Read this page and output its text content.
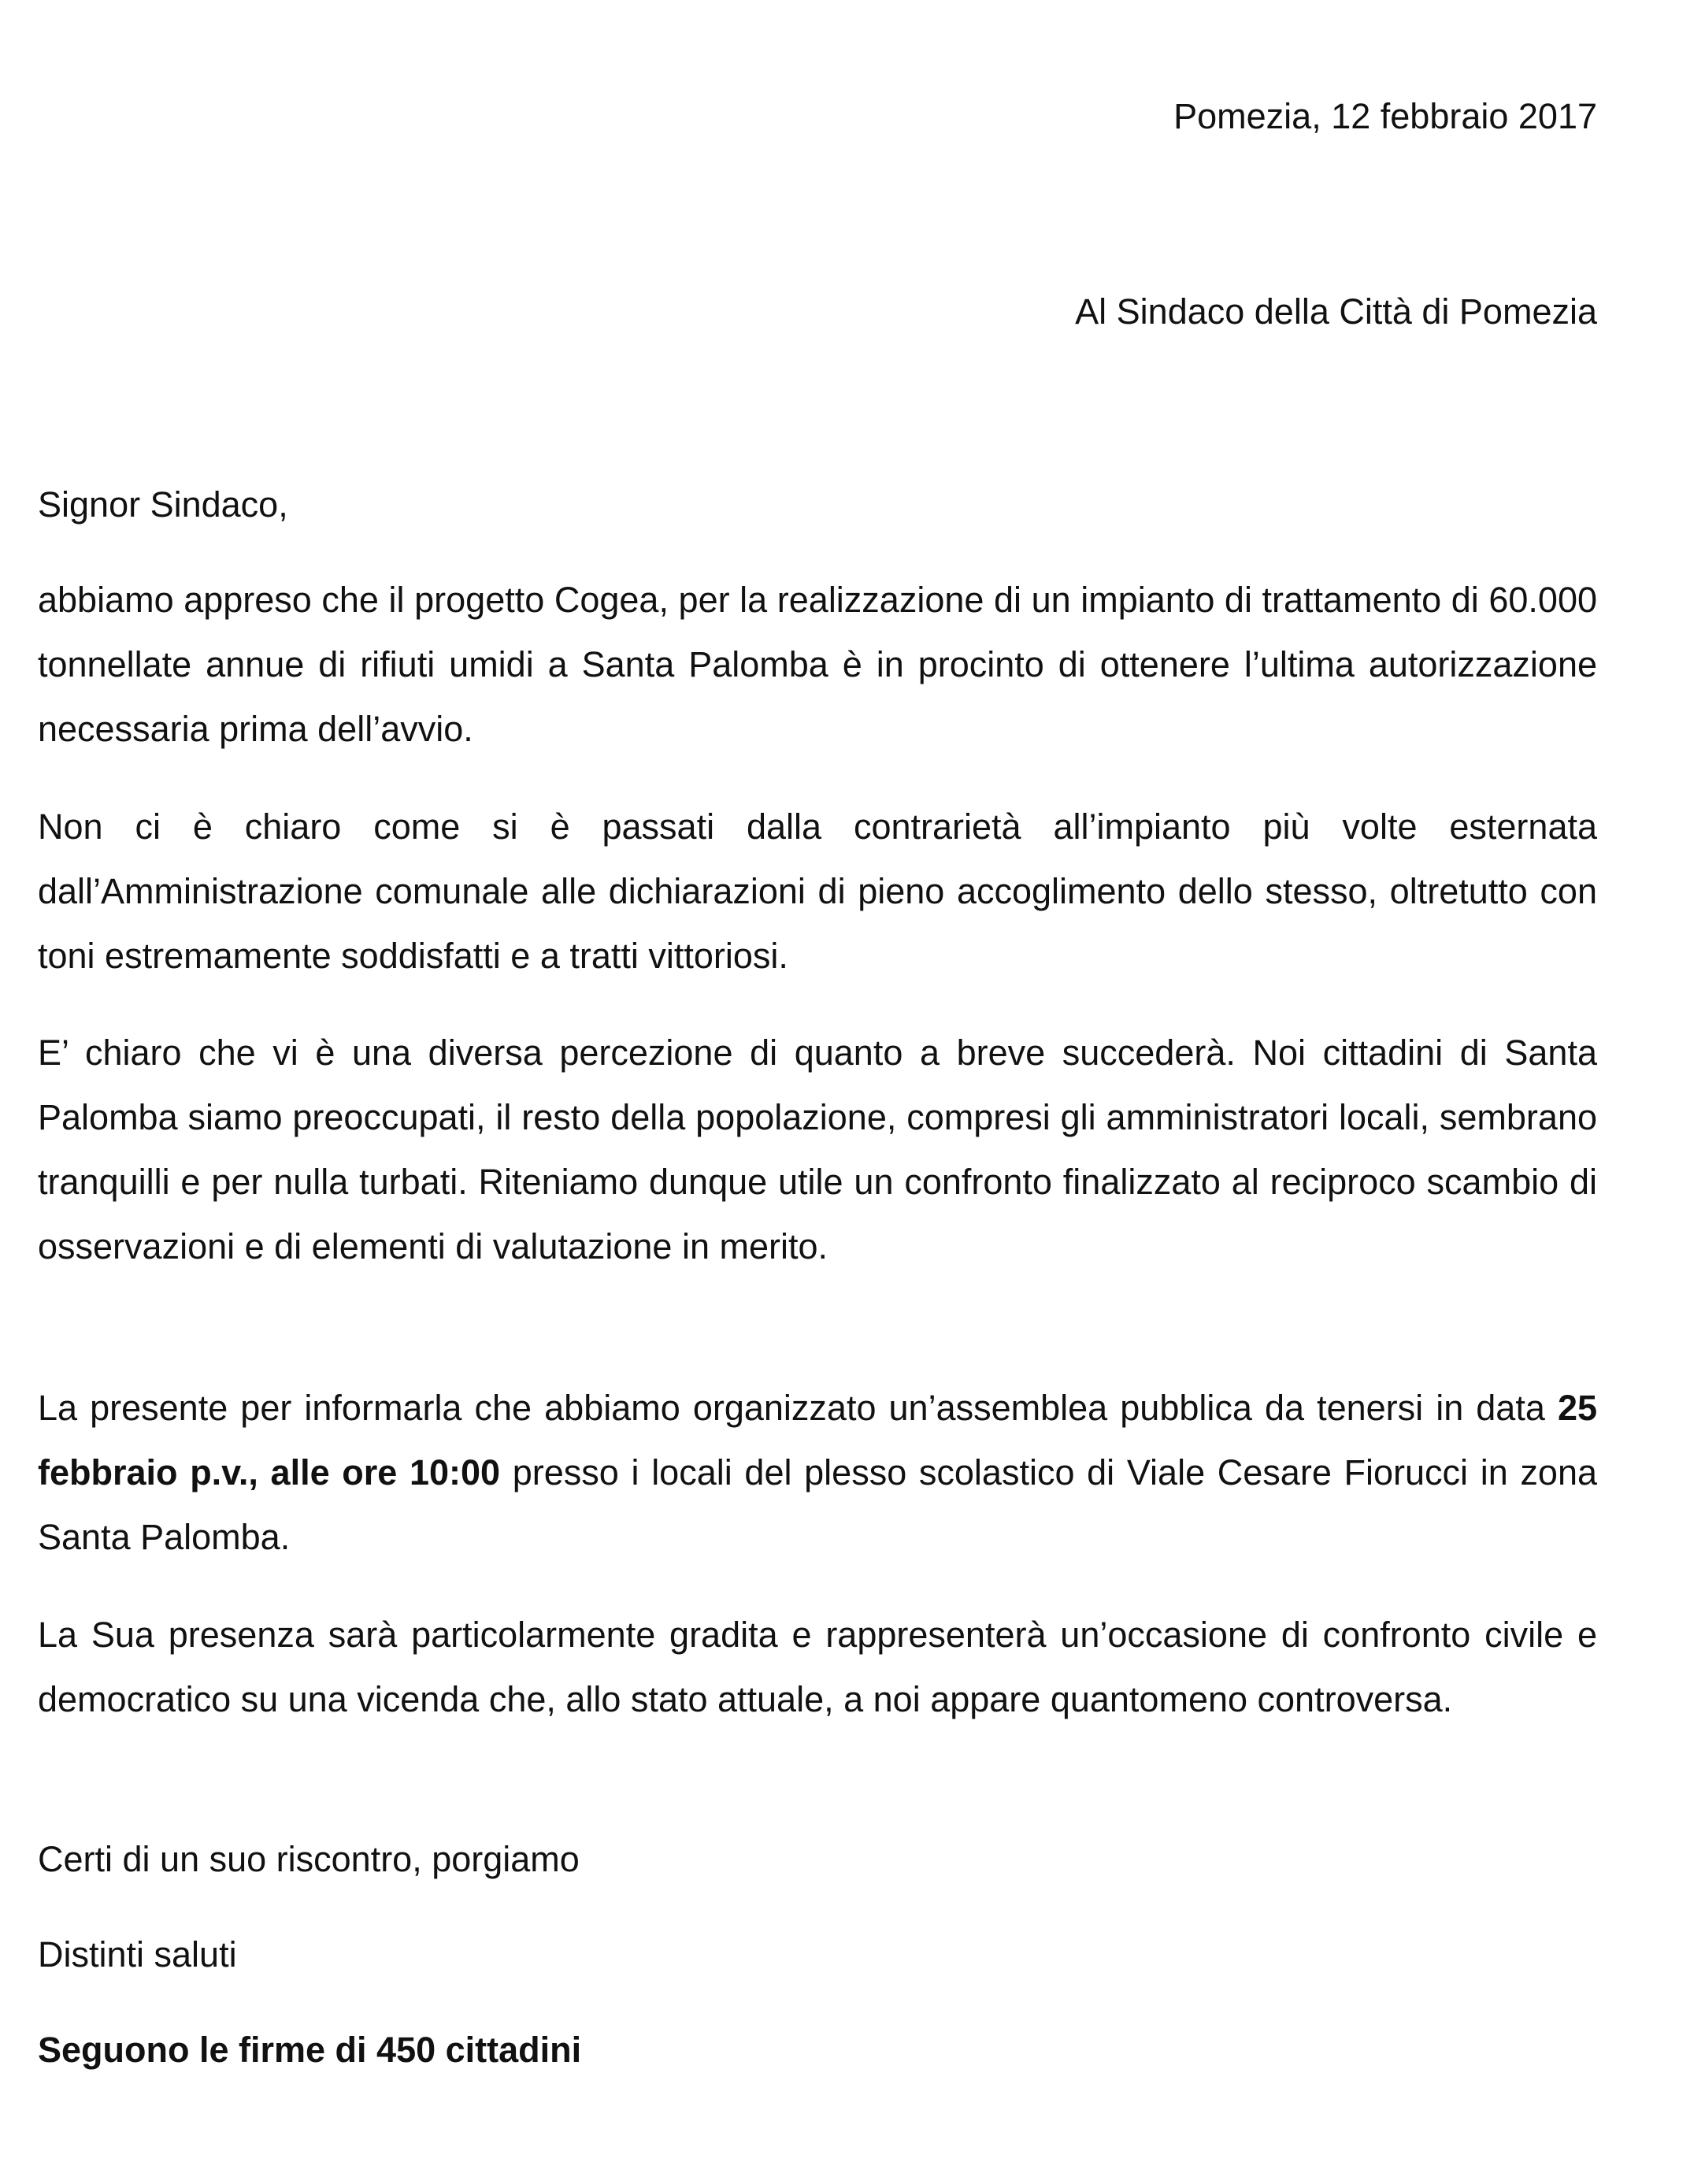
Pomezia, 12 febbraio 2017

Al Sindaco della Città di Pomezia

Signor Sindaco,

abbiamo appreso che il progetto Cogea, per la realizzazione di un impianto di trattamento di 60.000 tonnellate annue di rifiuti umidi a Santa Palomba è in procinto di ottenere l’ultima autorizzazione necessaria prima dell’avvio.

Non ci è chiaro come si è passati dalla contrarietà all’impianto più volte esternata dall’Amministrazione comunale alle dichiarazioni di pieno accoglimento dello stesso, oltretutto con toni estremamente soddisfatti e a tratti vittoriosi.

E’ chiaro che vi è una diversa percezione di quanto a breve succederà. Noi cittadini di Santa Palomba siamo preoccupati, il resto della popolazione, compresi gli amministratori locali, sembrano tranquilli e per nulla turbati. Riteniamo dunque utile un confronto finalizzato al reciproco scambio di osservazioni e di elementi di valutazione in merito.

La presente per informarla che abbiamo organizzato un’assemblea pubblica da tenersi in data 25 febbraio p.v., alle ore 10:00 presso i locali del plesso scolastico di Viale Cesare Fiorucci in zona Santa Palomba.

La Sua presenza sarà particolarmente gradita e rappresenterà un’occasione di confronto civile e democratico su una vicenda che, allo stato attuale, a noi appare quantomeno controversa.

Certi di un suo riscontro, porgiamo

Distinti saluti

Seguono le firme di 450 cittadini
